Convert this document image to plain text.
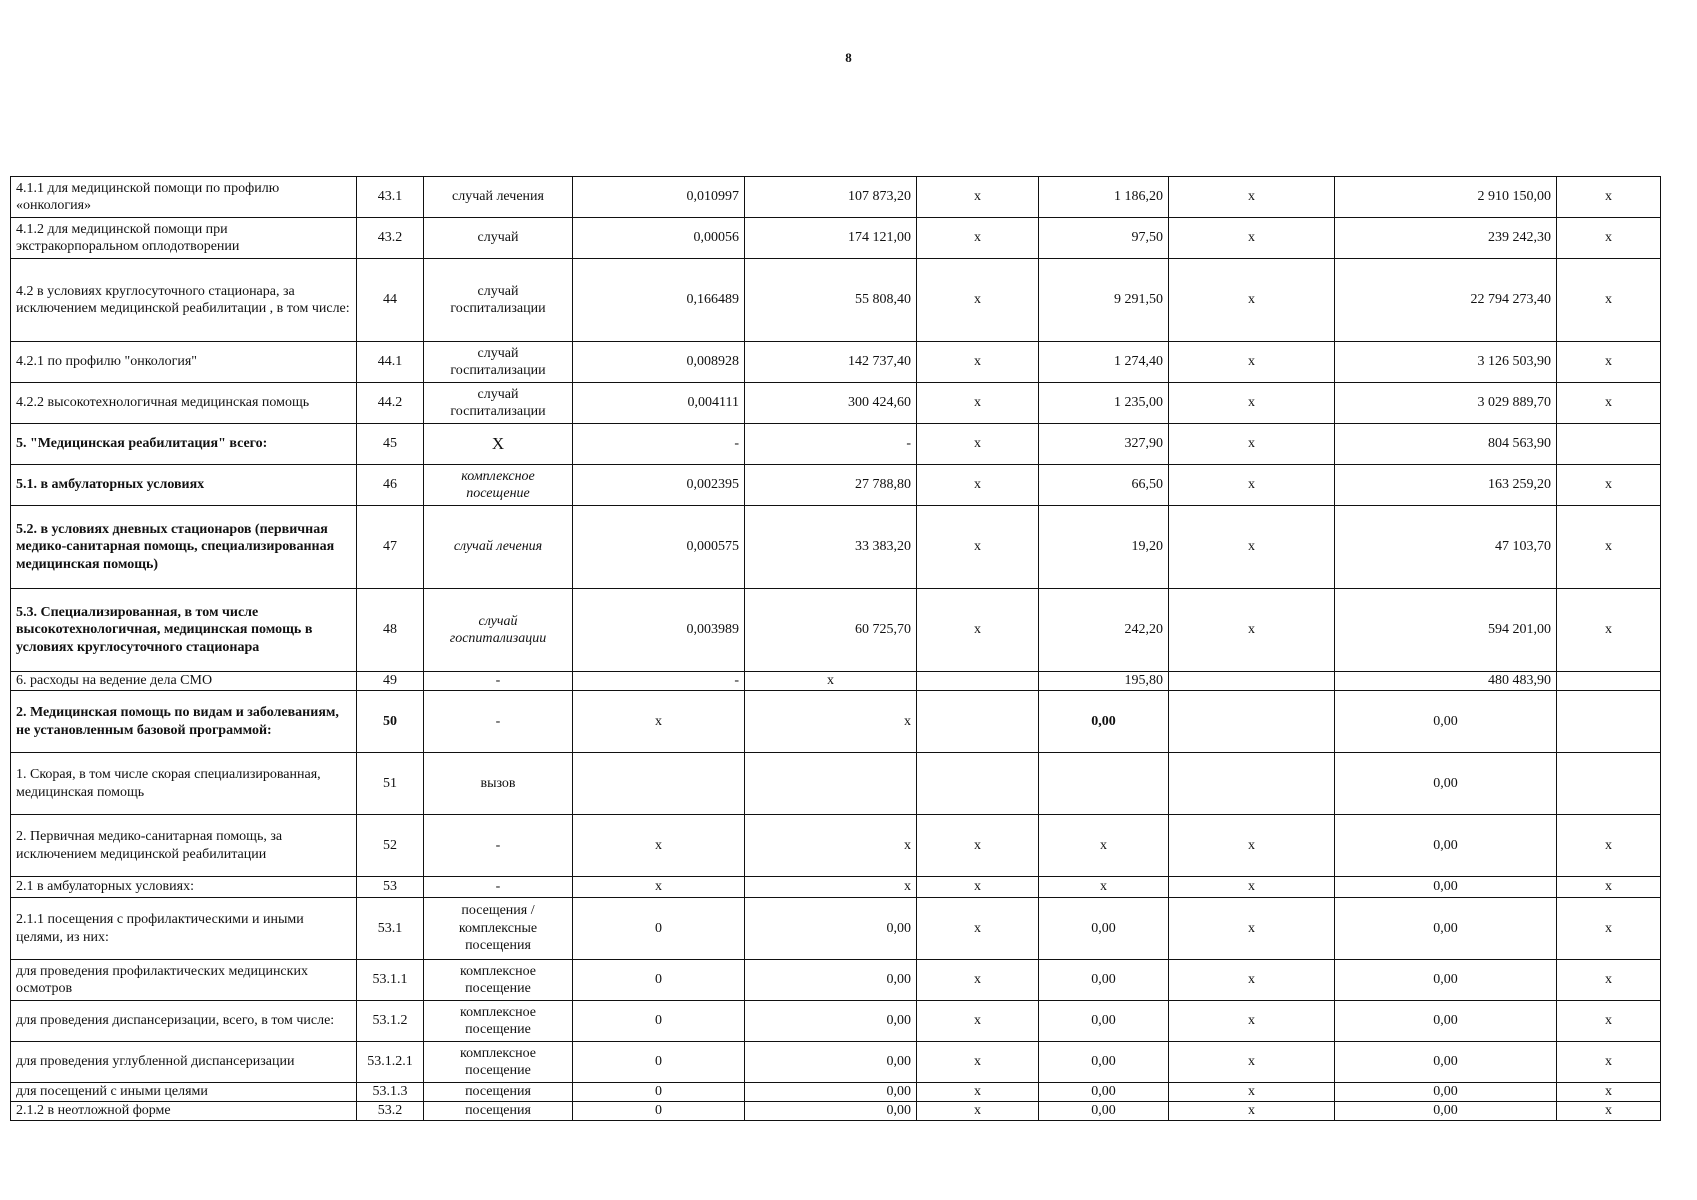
8
4.1.1 для медицинской помощи по профилю «онкология»	43.1	случай лечения	0,010997	107 873,20	х	1 186,20	х	2 910 150,00	х
4.1.2 для медицинской помощи при экстракорпоральном оплодотворении	43.2	случай	0,00056	174 121,00	х	97,50	х	239 242,30	х
4.2 в условиях круглосуточного стационара, за исключением медицинской реабилитации , в том числе:	44	случай госпитализации	0,166489	55 808,40	х	9 291,50	х	22 794 273,40	х
4.2.1 по профилю "онкология"	44.1	случай госпитализации	0,008928	142 737,40	х	1 274,40	х	3 126 503,90	х
4.2.2 высокотехнологичная медицинская помощь	44.2	случай госпитализации	0,004111	300 424,60	х	1 235,00	х	3 029 889,70	х
5. "Медицинская реабилитация" всего:	45	Х	-	-	х	327,90	х	804 563,90	
5.1. в амбулаторных условиях	46	комплексное посещение	0,002395	27 788,80	х	66,50	х	163 259,20	х
5.2. в условиях дневных стационаров (первичная медико-санитарная помощь, специализированная медицинская помощь)	47	случай лечения	0,000575	33 383,20	х	19,20	х	47 103,70	х
5.3. Специализированная, в том числе высокотехнологичная, медицинская помощь в условиях круглосуточного стационара	48	случай госпитализации	0,003989	60 725,70	х	242,20	х	594 201,00	х
6. расходы на ведение дела СМО	49	-	-	х		195,80		480 483,90	
2. Медицинская помощь по видам и заболеваниям, не установленным базовой программой:	50	-	х	х		0,00		0,00	
1. Скорая, в том числе скорая специализированная, медицинская помощь	51	вызов						0,00	
2. Первичная медико-санитарная помощь, за исключением медицинской реабилитации	52	-	х	х	х	х	х	0,00	х
2.1 в амбулаторных условиях:	53	-	х	х	х	х	х	0,00	х
2.1.1 посещения с профилактическими и иными целями, из них:	53.1	посещения / комплексные посещения	0	0,00	х	0,00	х	0,00	х
для проведения профилактических медицинских осмотров	53.1.1	комплексное посещение	0	0,00	х	0,00	х	0,00	х
для проведения диспансеризации, всего, в том числе:	53.1.2	комплексное посещение	0	0,00	х	0,00	х	0,00	х
для проведения углубленной диспансеризации	53.1.2.1	комплексное посещение	0	0,00	х	0,00	х	0,00	х
для посещений с иными целями	53.1.3	посещения	0	0,00	х	0,00	х	0,00	х
2.1.2 в неотложной форме	53.2	посещения	0	0,00	х	0,00	х	0,00	х
